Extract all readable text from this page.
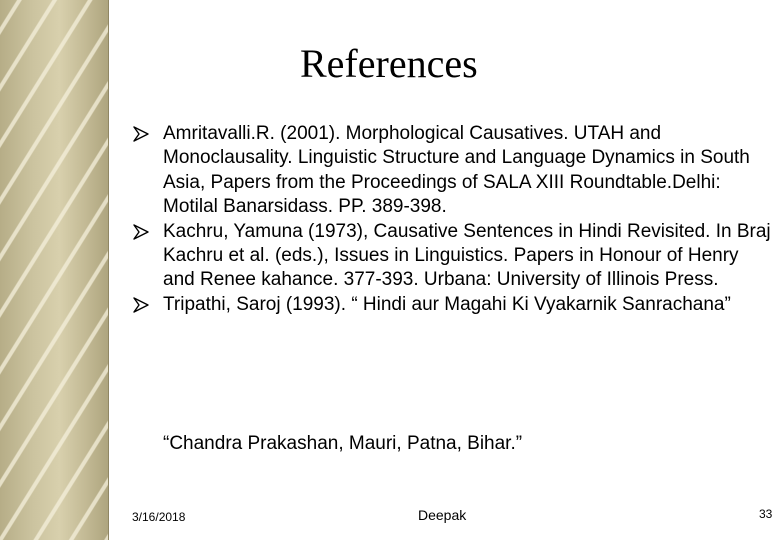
References
Amritavalli.R. (2001). Morphological Causatives. UTAH and Monoclausality. Linguistic Structure and Language Dynamics in South Asia, Papers from the Proceedings of SALA XIII Roundtable.Delhi: Motilal Banarsidass. PP. 389-398.
Kachru, Yamuna (1973), Causative Sentences in Hindi Revisited. In Braj Kachru et al. (eds.), Issues in Linguistics. Papers in Honour of Henry and Renee kahance. 377-393. Urbana: University of Illinois Press.
Tripathi, Saroj (1993). “ Hindi aur Magahi Ki Vyakarnik Sanrachana”
“Chandra Prakashan, Mauri, Patna, Bihar.”
3/16/2018	Deepak	33
